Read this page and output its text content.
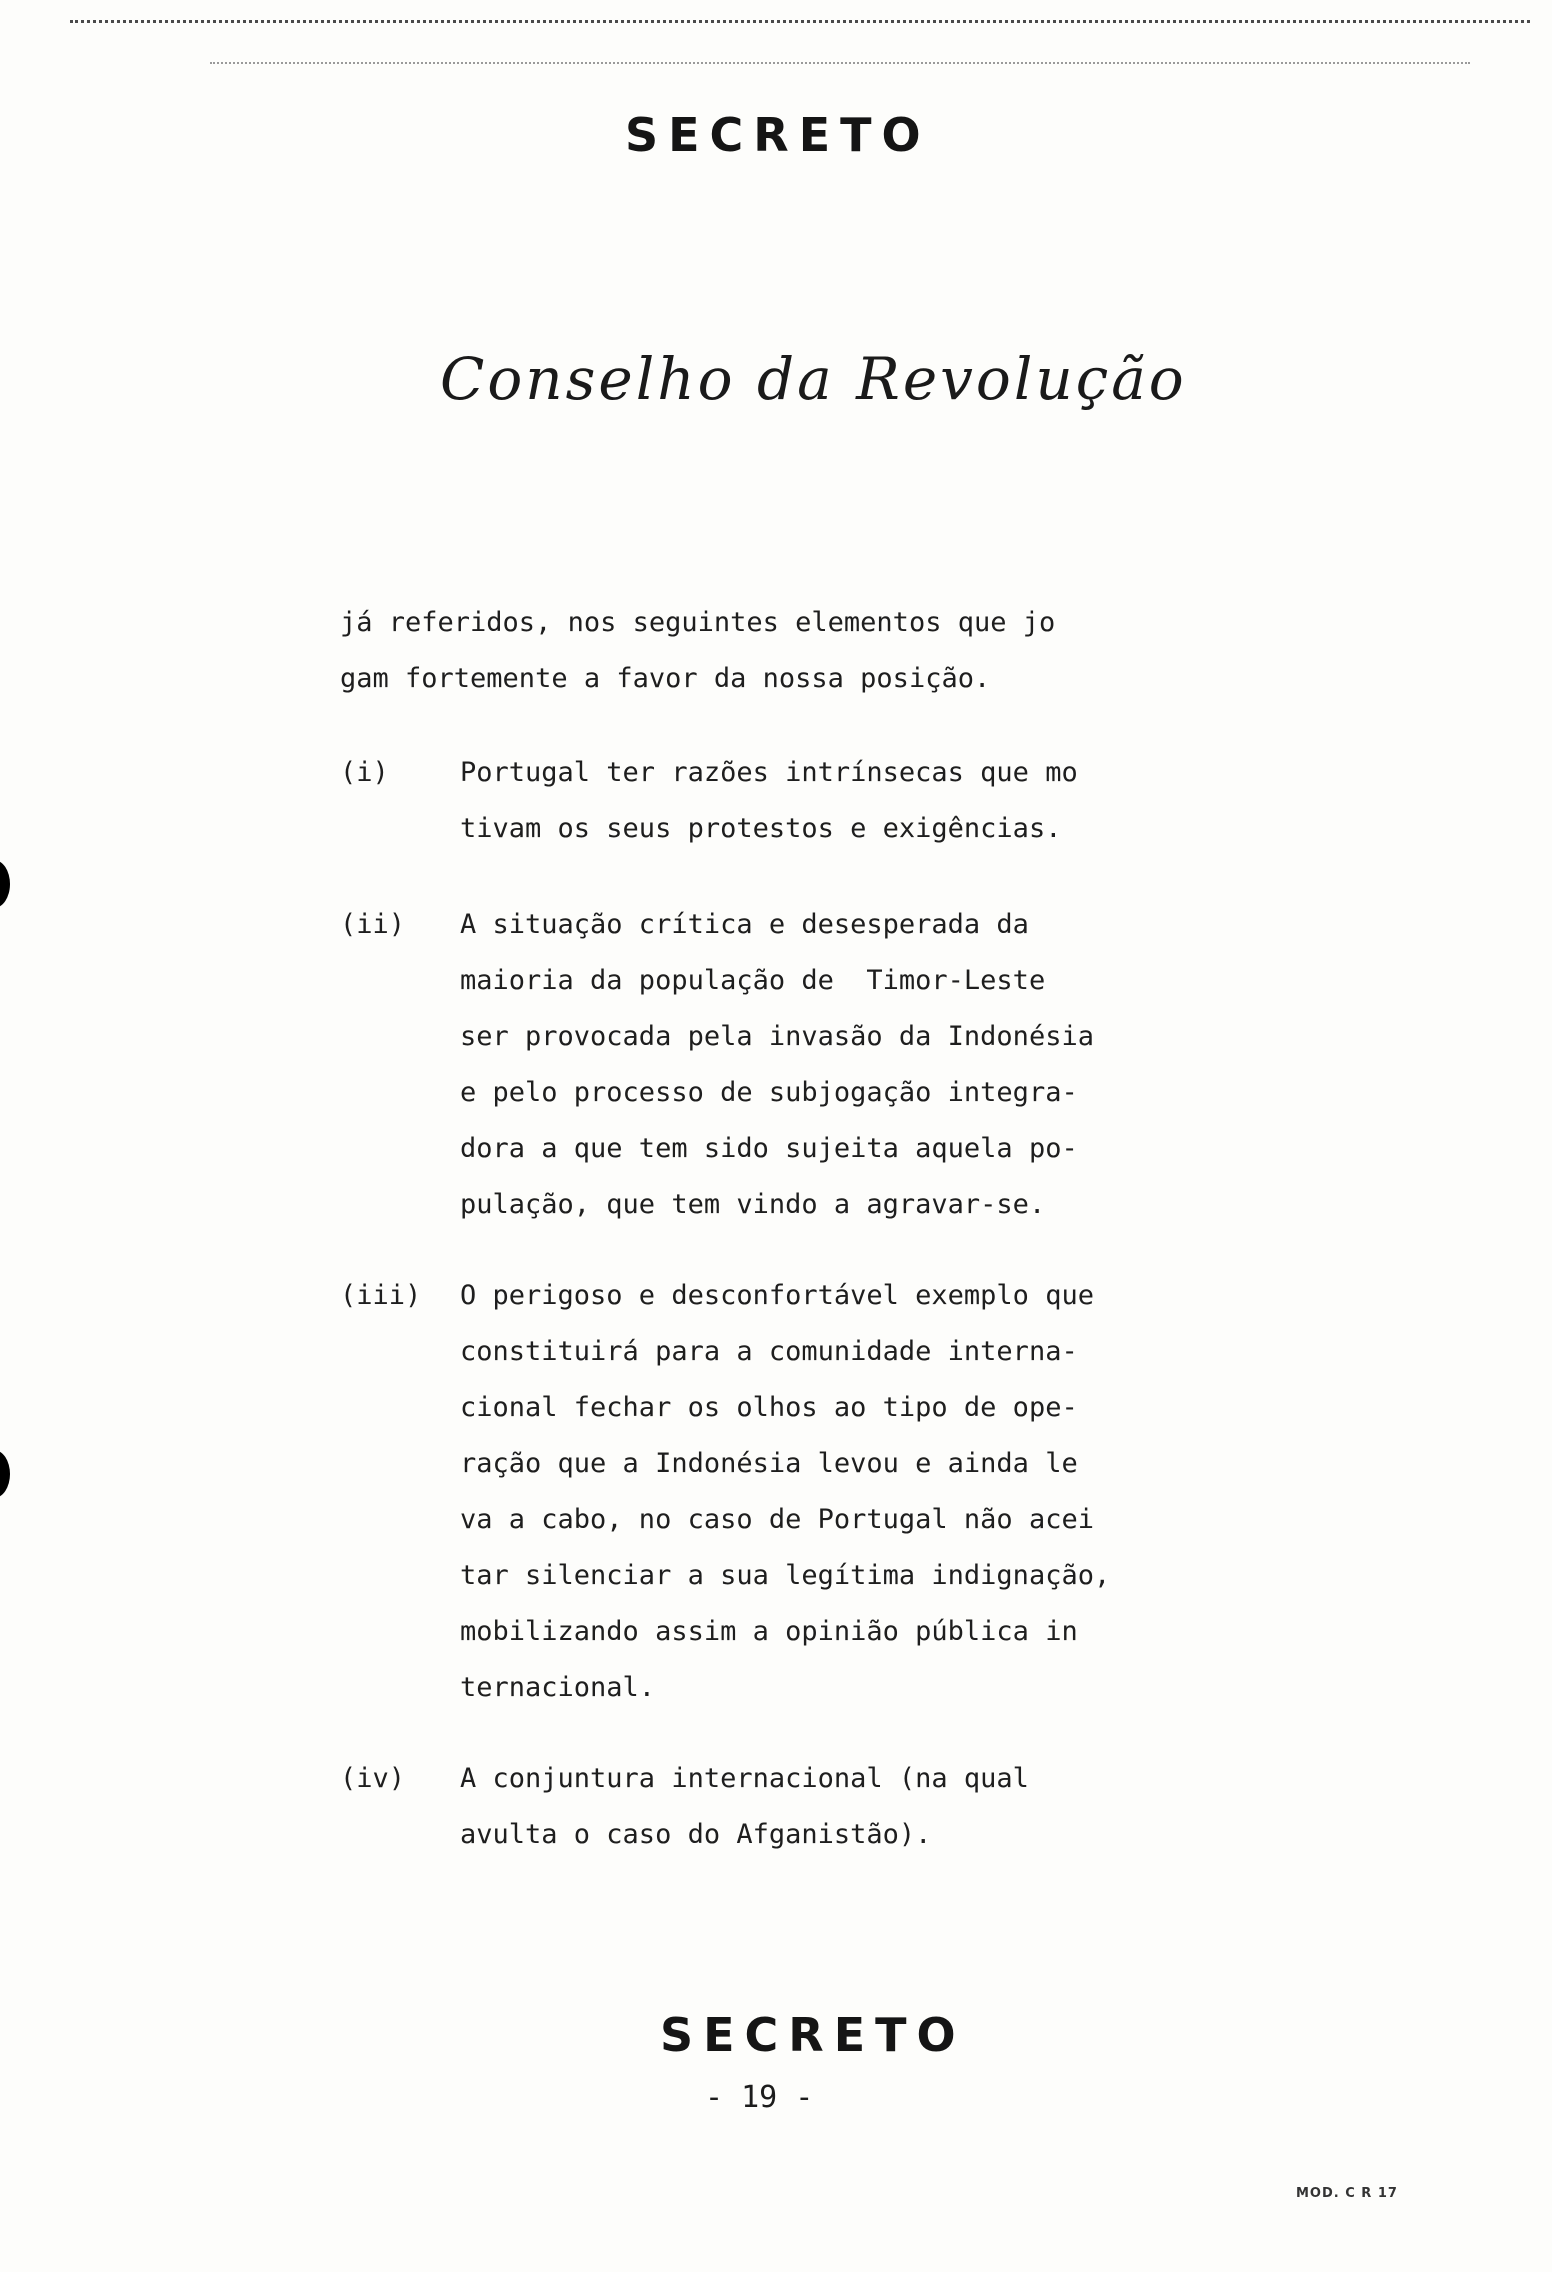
SECRETO
Conselho da Revolução

já referidos, nos seguintes elementos que jo

gam fortemente a favor da nossa posição.

(i)	Portugal ter razões intrínsecas que mo
tivam os seus protestos e exigências.
(ii)	A situação crítica e desesperada da
maioria da população de  Timor-Leste
ser provocada pela invasão da Indonésia
e pelo processo de subjogação integra-
dora a que tem sido sujeita aquela po-
pulação, que tem vindo a agravar-se.
(iii)	O perigoso e desconfortável exemplo que
constituirá para a comunidade interna-
cional fechar os olhos ao tipo de ope-
ração que a Indonésia levou e ainda le
va a cabo, no caso de Portugal não acei
tar silenciar a sua legítima indignação,
mobilizando assim a opinião pública in
ternacional.
(iv)	A conjuntura internacional (na qual
avulta o caso do Afganistão).
SECRETO
- 19 -
MOD. C R 17
